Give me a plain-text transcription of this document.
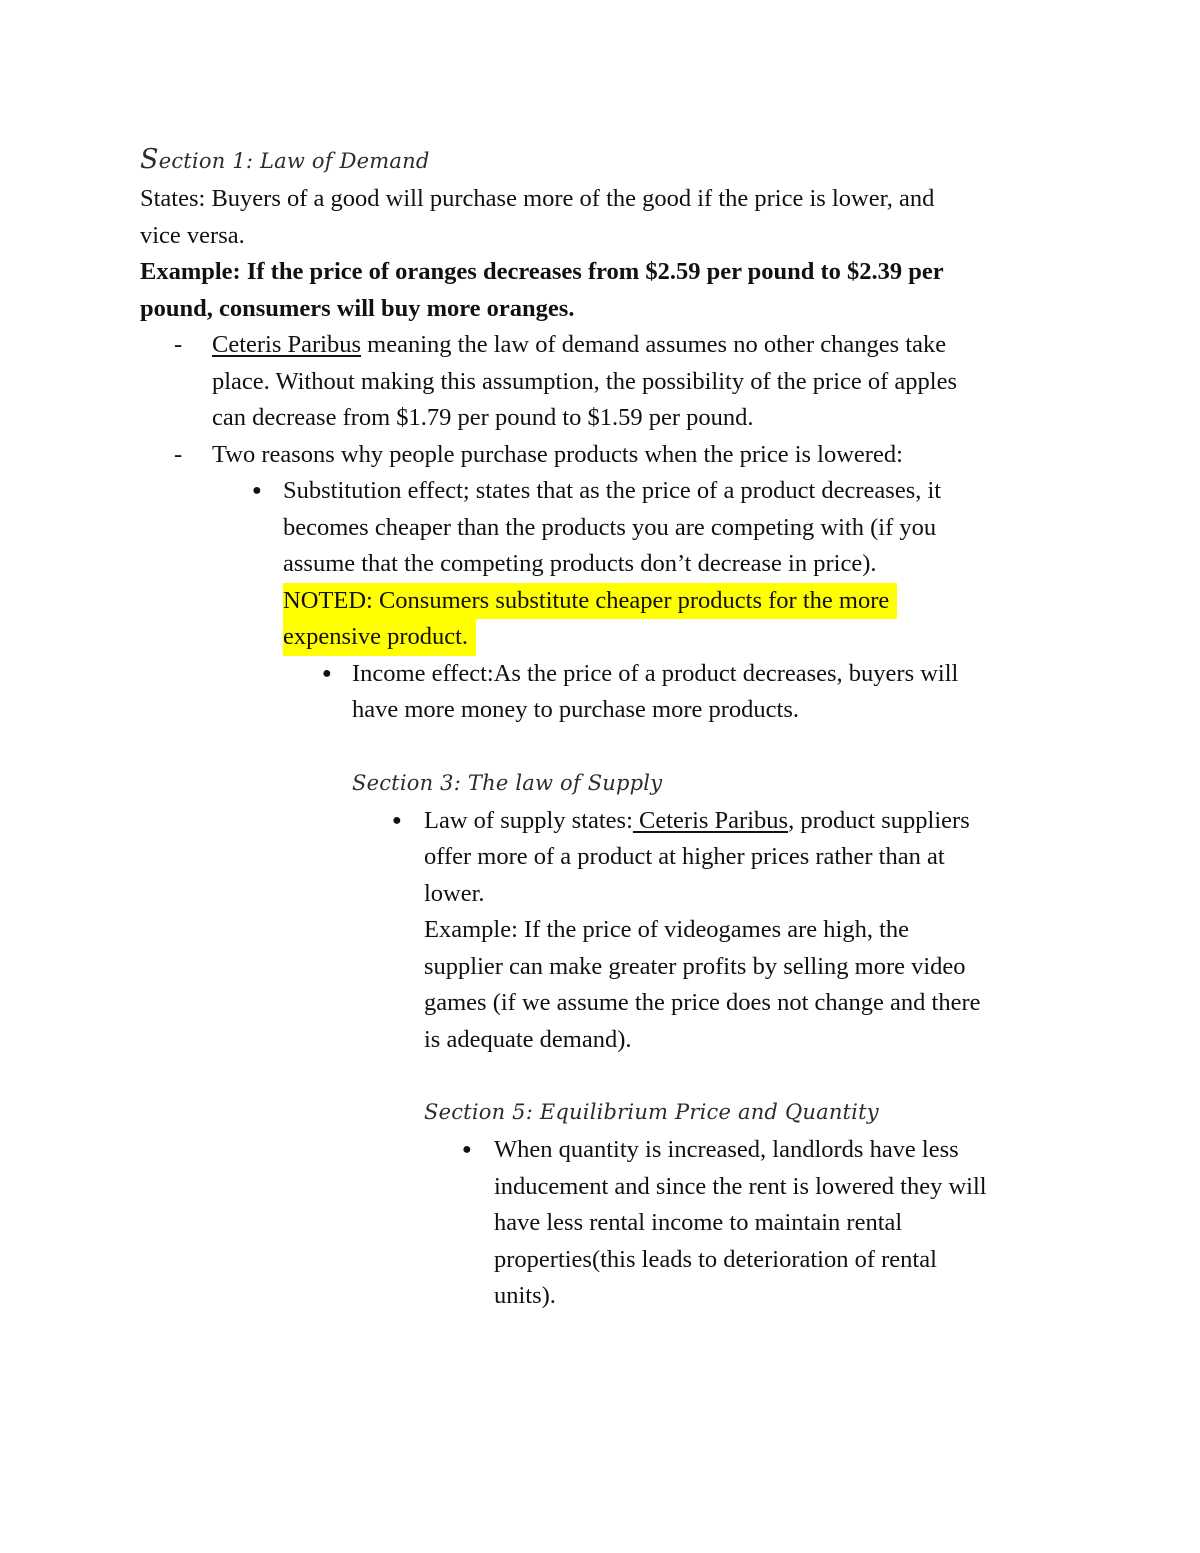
Section 1: Law of Demand
States: Buyers of a good will purchase more of the good if the price is lower, and
vice versa.
Example: If the price of oranges decreases from $2.59 per pound to $2.39 per
pound, consumers will buy more oranges.
-	Ceteris Paribus meaning the law of demand assumes no other changes take
place. Without making this assumption, the possibility of the price of apples
can decrease from $1.79 per pound to $1.59 per pound.
-	Two reasons why people purchase products when the price is lowered:
● Substitution effect; states that as the price of a product decreases, it
becomes cheaper than the products you are competing with (if you
assume that the competing products don’t decrease in price).
NOTED: Consumers substitute cheaper products for the more
expensive product.
● Income effect:As the price of a product decreases, buyers will
have more money to purchase more products.
Section 3: The law of Supply
● Law of supply states: Ceteris Paribus, product suppliers
offer more of a product at higher prices rather than at
lower.
Example: If the price of videogames are high, the
supplier can make greater profits by selling more video
games (if we assume the price does not change and there
is adequate demand).
Section 5: Equilibrium Price and Quantity
● When quantity is increased, landlords have less
inducement and since the rent is lowered they will
have less rental income to maintain rental
properties(this leads to deterioration of rental
units).
